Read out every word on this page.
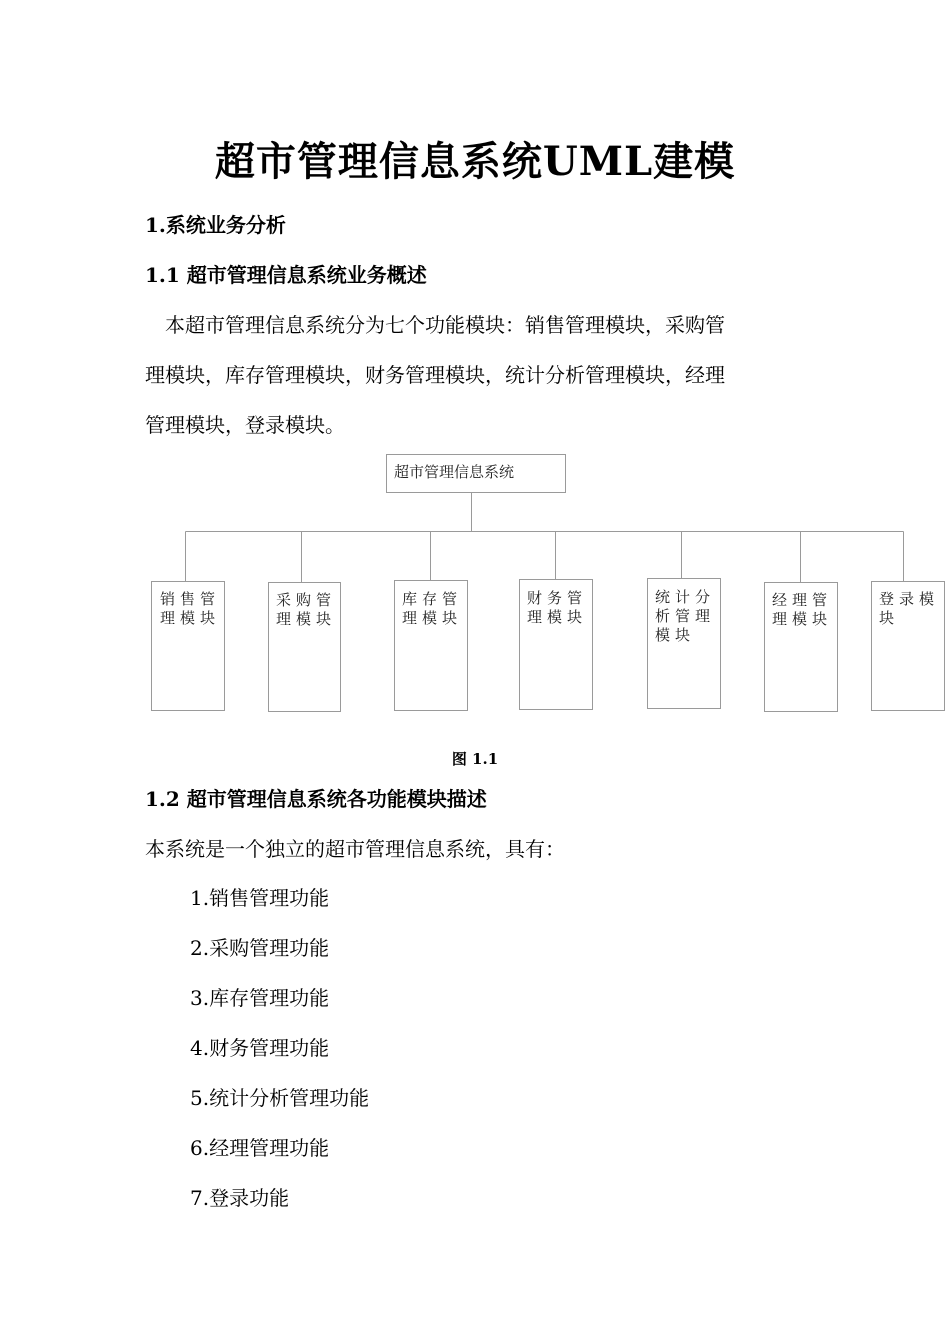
超市管理信息系统UML建模
1.系统业务分析
1.1 超市管理信息系统业务概述
　本超市管理信息系统分为七个功能模块：销售管理模块，采购管
理模块，库存管理模块，财务管理模块，统计分析管理模块，经理
管理模块，登录模块。
超市管理信息系统
销售管理模块
采购管理模块
库存管理模块
财务管理模块
统计分析管理模块
经理管理模块
登录模块
图 1.1
1.2 超市管理信息系统各功能模块描述
本系统是一个独立的超市管理信息系统，具有：
1.销售管理功能
2.采购管理功能
3.库存管理功能
4.财务管理功能
5.统计分析管理功能
6.经理管理功能
7.登录功能
